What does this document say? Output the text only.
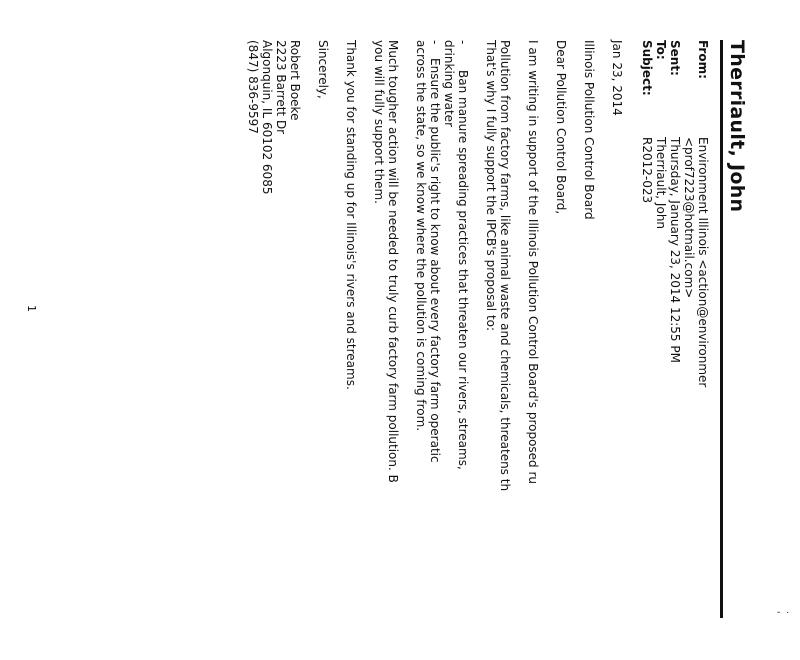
·
'
Therriault, John
From:
Sent:
To:
Subject:
Environment Illinois <action@environmer
<prof7223@hotmail.com>
Thursday, January 23, 2014 12:55 PM
Therriault, John
R2012-023

Jan 23, 2014

Illinois Pollution Control Board

Dear Pollution Control Board,

I am writing in support of the Illinois Pollution Control Board's proposed ru

Pollution from factory farms, like animal waste and chemicals, threatens th

That's why I fully support the IPCB's proposal to:

-
Ban manure spreading practices that threaten our rivers, streams,

drinking water

-
Ensure the public's right to know about every factory farm operatic

across the state, so we know where the pollution is coming from.

Much tougher action will be needed to truly curb factory farm pollution. B

you will fully support them.

Thank you for standing up for Illinois's rivers and streams.

Sincerely,

Robert Boeke

2223 Barrett Dr

Algonquin, IL 60102 6085

(847) 836-9597

1
